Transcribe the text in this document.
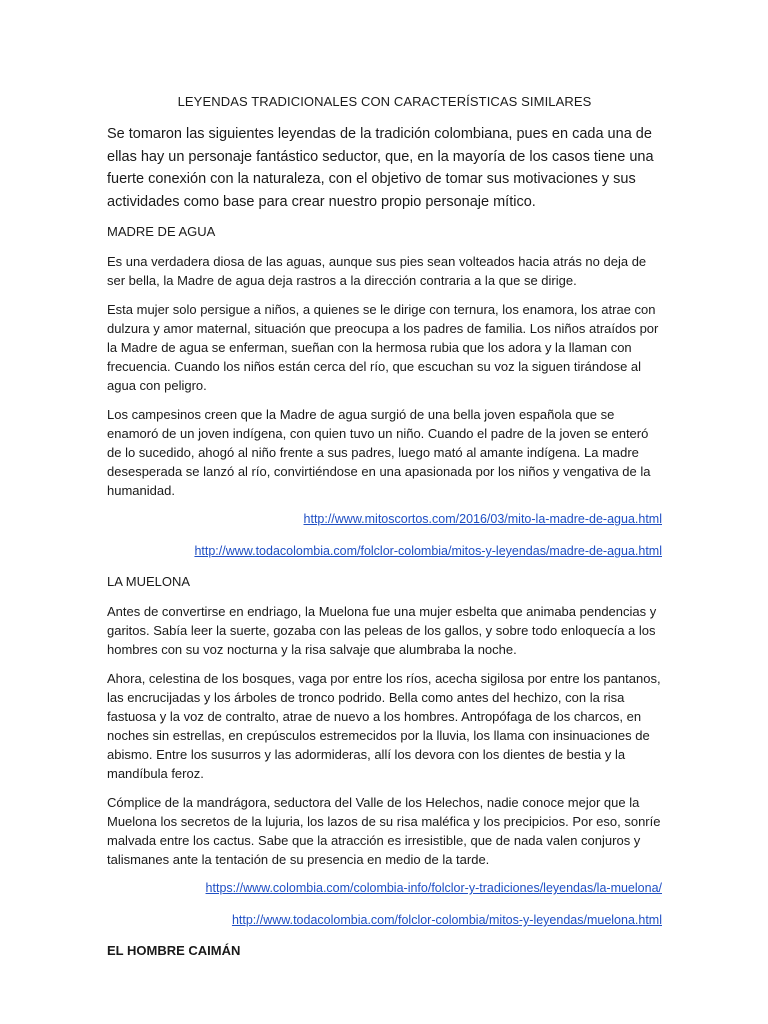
LEYENDAS TRADICIONALES CON CARACTERÍSTICAS SIMILARES

Se tomaron las siguientes leyendas de la tradición colombiana, pues en cada una de ellas hay un personaje fantástico seductor, que, en la mayoría de los casos tiene una fuerte conexión con la naturaleza, con el objetivo de tomar sus motivaciones y sus actividades como base para crear nuestro propio personaje mítico.

MADRE DE AGUA

Es una verdadera diosa de las aguas, aunque sus pies sean volteados hacia atrás no deja de ser bella, la Madre de agua deja rastros a la dirección contraria a la que se dirige.

Esta mujer solo persigue a niños, a quienes se le dirige con ternura, los enamora, los atrae con dulzura y amor maternal, situación que preocupa a los padres de familia. Los niños atraídos por la Madre de agua se enferman, sueñan con la hermosa rubia que los adora y la llaman con frecuencia. Cuando los niños están cerca del río, que escuchan su voz la siguen tirándose al agua con peligro.

Los campesinos creen que la Madre de agua surgió de una bella joven española que se enamoró de un joven indígena, con quien tuvo un niño. Cuando el padre de la joven se enteró de lo sucedido, ahogó al niño frente a sus padres, luego mató al amante indígena. La madre desesperada se lanzó al río, convirtiéndose en una apasionada por los niños y vengativa de la humanidad.

http://www.mitoscortos.com/2016/03/mito-la-madre-de-agua.html
http://www.todacolombia.com/folclor-colombia/mitos-y-leyendas/madre-de-agua.html
LA MUELONA

Antes de convertirse en endriago, la Muelona fue una mujer esbelta que animaba pendencias y garitos. Sabía leer la suerte, gozaba con las peleas de los gallos, y sobre todo enloquecía a los hombres con su voz nocturna y la risa salvaje que alumbraba la noche.

Ahora, celestina de los bosques, vaga por entre los ríos, acecha sigilosa por entre los pantanos, las encrucijadas y los árboles de tronco podrido. Bella como antes del hechizo, con la risa fastuosa y la voz de contralto, atrae de nuevo a los hombres. Antropófaga de los charcos, en noches sin estrellas, en crepúsculos estremecidos por la lluvia, los llama con insinuaciones de abismo. Entre los susurros y las adormideras, allí los devora con los dientes de bestia y la mandíbula feroz.

Cómplice de la mandrágora, seductora del Valle de los Helechos, nadie conoce mejor que la Muelona los secretos de la lujuria, los lazos de su risa maléfica y los precipicios. Por eso, sonríe malvada entre los cactus. Sabe que la atracción es irresistible, que de nada valen conjuros y talismanes ante la tentación de su presencia en medio de la tarde.

https://www.colombia.com/colombia-info/folclor-y-tradiciones/leyendas/la-muelona/
http://www.todacolombia.com/folclor-colombia/mitos-y-leyendas/muelona.html
EL HOMBRE CAIMÁN
